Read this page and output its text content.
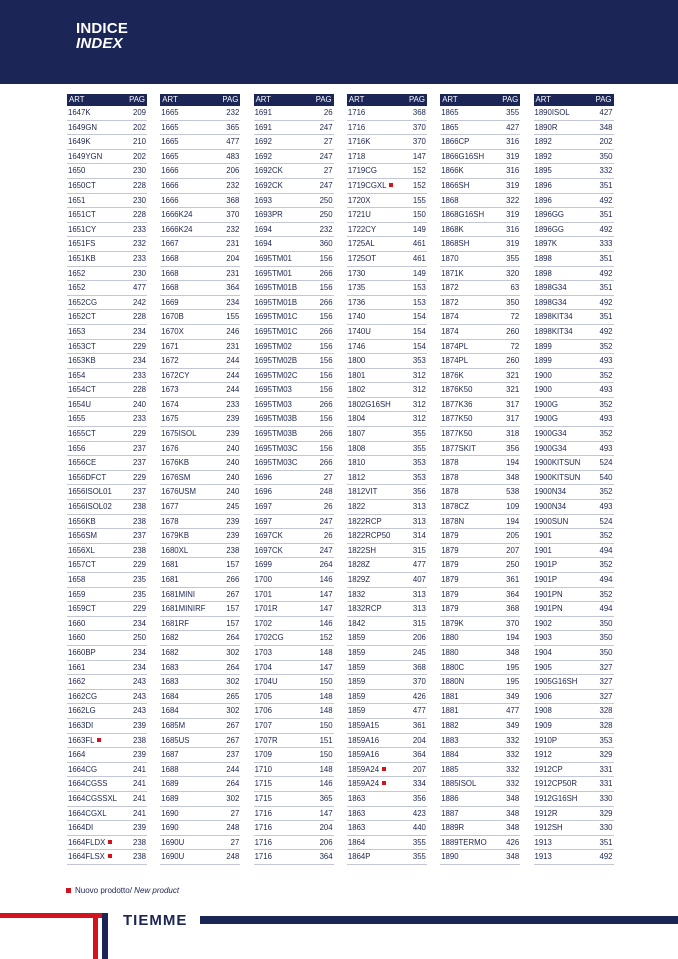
INDICE
INDEX
ART	PAG
1647K	209
1649GN	202
1649K	210
1649YGN	202
1650	230
1650CT	228
1651	230
1651CT	228
1651CY	233
1651FS	232
1651KB	233
1652	230
1652	477
1652CG	242
1652CT	228
1653	234
1653CT	229
1653KB	234
1654	233
1654CT	228
1654U	240
1655	233
1655CT	229
1656	237
1656CE	237
1656DFCT	229
1656ISOL01	237
1656ISOL02	238
1656KB	238
1656SM	237
1656XL	238
1657CT	229
1658	235
1659	235
1659CT	229
1660	234
1660	250
1660BP	234
1661	234
1662	243
1662CG	243
1662LG	243
1663DI	239
1663FL	238
1664	239
1664CG	241
1664CGSS	241
1664CGSSXL 241
1664CGXL	241
1664DI	239
1664FLDX	238
1664FLSX	238
ART	PAG
1665	232
1665	365
1665	477
1665	483
1666	206
1666	232
1666	368
1666K24	370
1666K24	232
1667	231
1668	204
1668	231
1668	364
1669	234
1670B	155
1670X	246
1671	231
1672	244
1672CY	244
1673	244
1674	233
1675	239
1675ISOL	239
1676	240
1676KB	240
1676SM	240
1676USM	240
1677	245
1678	239
1679KB	239
1680XL	238
1681	157
1681	266
1681MINI	267
1681MINIRF	157
1681RF	157
1682	264
1682	302
1683	264
1683	302
1684	265
1684	302
1685M	267
1685US	267
1687	237
1688	244
1689	264
1689	302
1690	27
1690	248
1690U	27
1690U	248
ART	PAG
1691	26
1691	247
1692	27
1692	247
1692CK	27
1692CK	247
1693	250
1693PR	250
1694	232
1694	360
1695TM01	156
1695TM01	266
1695TM01B	156
1695TM01B	266
1695TM01C	156
1695TM01C	266
1695TM02	156
1695TM02B	156
1695TM02C	156
1695TM03	156
1695TM03	266
1695TM03B	156
1695TM03B	266
1695TM03C	156
1695TM03C	266
1696	27
1696	248
1697	26
1697	247
1697CK	26
1697CK	247
1699	264
1700	146
1701	147
1701R	147
1702	146
1702CG	152
1703	148
1704	147
1704U	150
1705	148
1706	148
1707	150
1707R	151
1709	150
1710	148
1715	146
1715	365
1716	147
1716	204
1716	206
1716	364
ART	PAG
1716	368
1716	370
1716K	370
1718	147
1719CG	152
1719CGXL	152
1720X	155
1721U	150
1722CY	149
1725AL	461
1725OT	461
1730	149
1735	153
1736	153
1740	154
1740U	154
1746	154
1800	353
1801	312
1802	312
1802G16SH	312
1804	312
1807	355
1808	355
1810	353
1812	353
1812VIT	356
1822	313
1822RCP	313
1822RCP50	314
1822SH	315
1828Z	477
1829Z	407
1832	313
1832RCP	313
1842	315
1859	206
1859	245
1859	368
1859	370
1859	426
1859	477
1859A15	361
1859A16	204
1859A16	364
1859A24	207
1859A24	334
1863	356
1863	423
1863	440
1864	355
1864P	355
ART	PAG
1865	355
1865	427
1866CP	316
1866G16SH	319
1866K	316
1866SH	319
1868	322
1868G16SH	319
1868K	316
1868SH	319
1870	355
1871K	320
1872	63
1872	350
1874	72
1874	260
1874PL	72
1874PL	260
1876K	321
1876K50	321
1877K36	317
1877K50	317
1877K50	318
1877SKIT	356
1878	194
1878	348
1878	538
1878CZ	109
1878N	194
1879	205
1879	207
1879	250
1879	361
1879	364
1879	368
1879K	370
1880	194
1880	348
1880C	195
1880N	195
1881	349
1881	477
1882	349
1883	332
1884	332
1885	332
1885ISOL	332
1886	348
1887	348
1889R	348
1889TERMO 426
1890	348
ART	PAG
1890ISOL	427
1890R	348
1892	202
1892	350
1895	332
1896	351
1896	492
1896GG	351
1896GG	492
1897K	333
1898	351
1898	492
1898G34	351
1898G34	492
1898KIT34	351
1898KIT34	492
1899	352
1899	493
1900	352
1900	493
1900G	352
1900G	493
1900G34	352
1900G34	493
1900KITSUN 524
1900KITSUN 540
1900N34	352
1900N34	493
1900SUN	524
1901	352
1901	494
1901P	352
1901P	494
1901PN	352
1901PN	494
1902	350
1903	350
1904	350
1905	327
1905G16SH	327
1906	327
1908	328
1909	328
1910P	353
1912	329
1912CP	331
1912CP50R	331
1912G16SH	330
1912R	329
1912SH	330
1913	351
1913	492
Nuovo prodotto/ New product
TIEMME
